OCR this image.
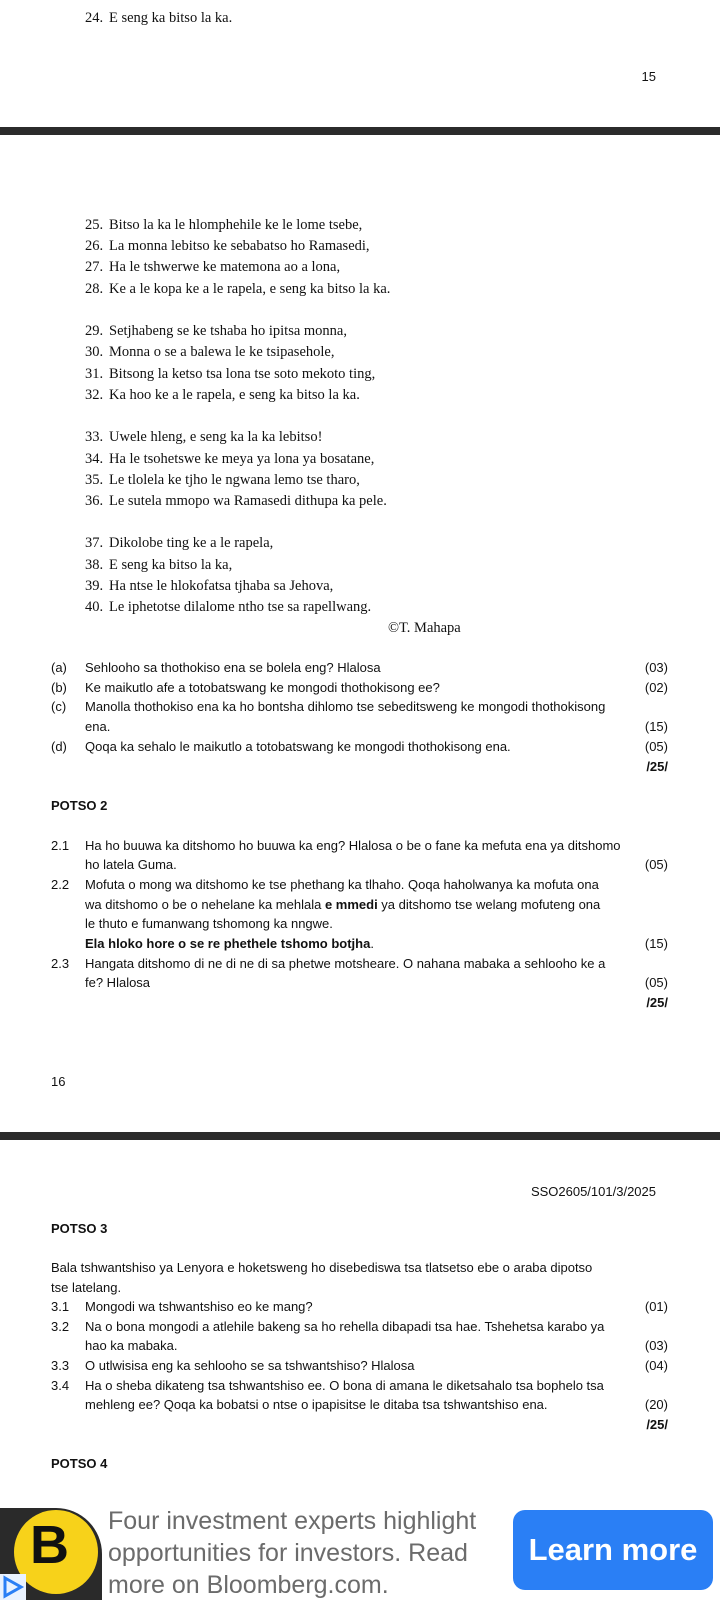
24. E seng ka bitso la ka.
15
25. Bitso la ka le hlomphehile ke le lome tsebe,
26. La monna lebitso ke sebabatso ho Ramasedi,
27. Ha le tshwerwe ke matemona ao a lona,
28. Ke a le kopa ke a le rapela, e seng ka bitso la ka.
29. Setjhabeng se ke tshaba ho ipitsa monna,
30. Monna o se a balewa le ke tsipasehole,
31. Bitsong la ketso tsa lona tse soto mekoto ting,
32. Ka hoo ke a le rapela, e seng ka bitso la ka.
33. Uwele hleng, e seng ka la ka lebitso!
34. Ha le tsohetswe ke meya ya lona ya bosatane,
35. Le tlolela ke tjho le ngwana lemo tse tharo,
36. Le sutela mmopo wa Ramasedi dithupa ka pele.
37. Dikolobe ting ke a le rapela,
38. E seng ka bitso la ka,
39. Ha ntse le hlokofatsa tjhaba sa Jehova,
40. Le iphetotse dilalome ntho tse sa rapellwang.
©T. Mahapa
(a) Sehlooho sa thothokiso ena se bolela eng? Hlalosa	(03)
(b) Ke maikutlo afe a totobatswang ke mongodi thothokisong ee?	(02)
(c) Manolla thothokiso ena ka ho bontsha dihlomo tse sebeditsweng ke mongodi thothokisong
ena.	(15)
(d) Qoqa ka sehalo le maikutlo a totobatswang ke mongodi thothokisong ena.	(05)
/25/
POTSO 2
2.1 Ha ho buuwa ka ditshomo ho buuwa ka eng? Hlalosa o be o fane ka mefuta ena ya ditshomo
ho latela Guma.	(05)
2.2 Mofuta o mong wa ditshomo ke tse phethang ka tlhaho. Qoqa haholwanya ka mofuta ona
wa ditshomo o be o nehelane ka mehlala e mmedi ya ditshomo tse welang mofuteng ona
le thuto e fumanwang tshomong ka nngwe.
Ela hloko hore o se re phethele tshomo botjha.	(15)
2.3 Hangata ditshomo di ne di ne di sa phetwe motsheare. O nahana mabaka a sehlooho ke a
fe? Hlalosa	(05)
/25/
16
SSO2605/101/3/2025
POTSO 3
Bala tshwantshiso ya Lenyora e hoketsweng ho disebediswa tsa tlatsetso ebe o araba dipotso
tse latelang.
3.1 Mongodi wa tshwantshiso eo ke mang?	(01)
3.2 Na o bona mongodi a atlehile bakeng sa ho rehella dibapadi tsa hae. Tshehetsa karabo ya
hao ka mabaka.	(03)
3.3 O utlwisisa eng ka sehlooho se sa tshwantshiso? Hlalosa	(04)
3.4 Ha o sheba dikateng tsa tshwantshiso ee. O bona di amana le diketsahalo tsa bophelo tsa
mehleng ee? Qoqa ka bobatsi o ntse o ipapisitse le ditaba tsa tshwantshiso ena.	(20)
/25/
POTSO 4
B Four investment experts highlight opportunities for investors. Read more on Bloomberg.com.
Learn more
